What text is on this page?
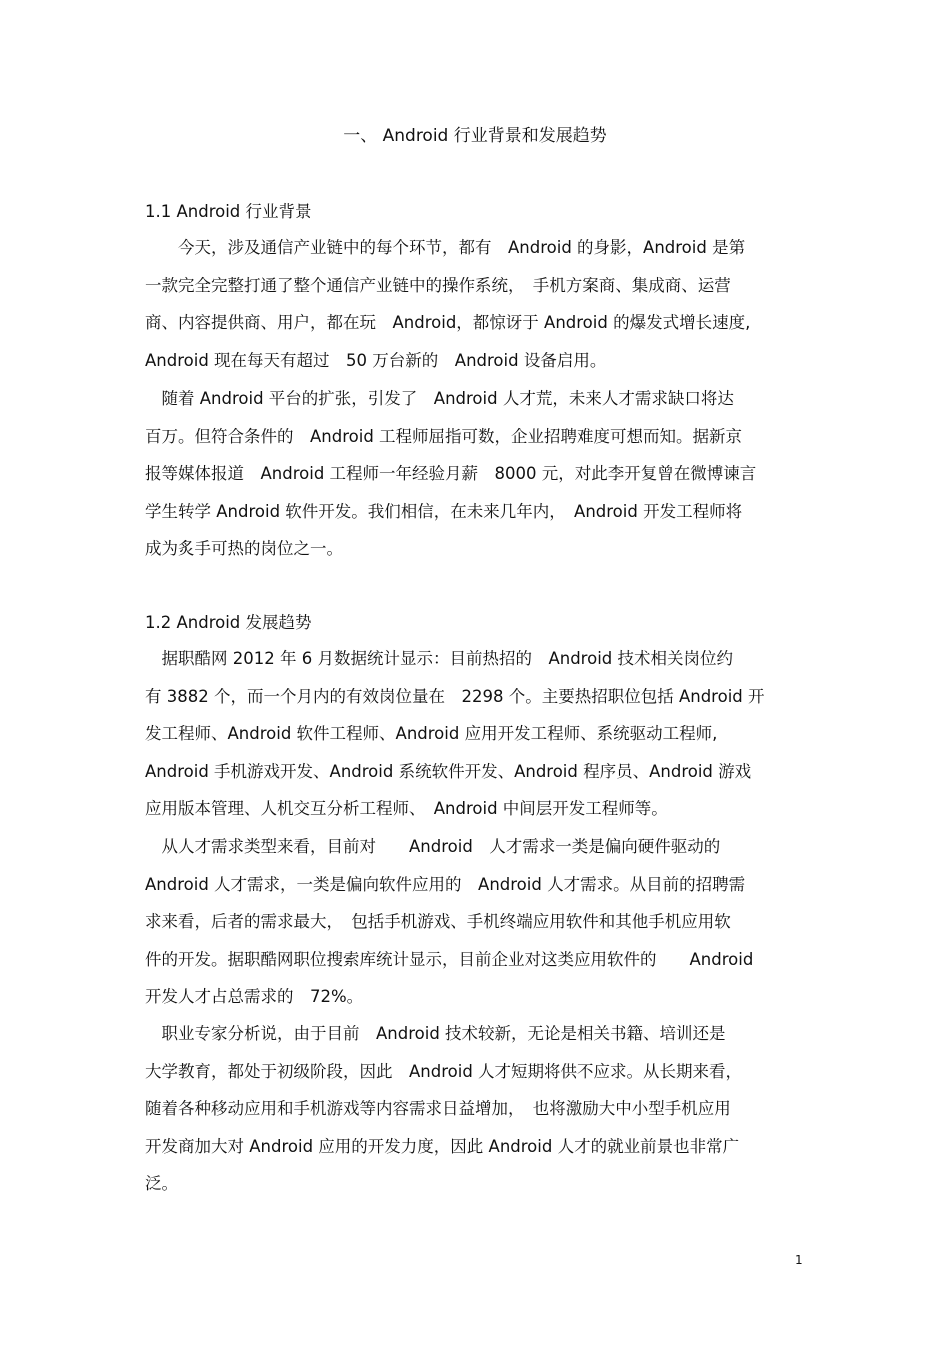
一、 Android 行业背景和发展趋势
1.1 Android 行业背景

　　今天，涉及通信产业链中的每个环节，都有　Android 的身影，Android 是第
一款完全完整打通了整个通信产业链中的操作系统，　手机方案商、集成商、运营
商、内容提供商、用户，都在玩　Android，都惊讶于 Android 的爆发式增长速度,
Android 现在每天有超过　50 万台新的　Android 设备启用。

　随着 Android 平台的扩张，引发了　Android 人才荒，未来人才需求缺口将达
百万。但符合条件的　Android 工程师屈指可数，企业招聘难度可想而知。据新京
报等媒体报道　Android 工程师一年经验月薪　8000 元，对此李开复曾在微博谏言
学生转学 Android 软件开发。我们相信，在未来几年内，　Android 开发工程师将
成为炙手可热的岗位之一。

1.2 Android 发展趋势

　据职酷网 2012 年 6 月数据统计显示：目前热招的　Android 技术相关岗位约
有 3882 个，而一个月内的有效岗位量在　2298 个。主要热招职位包括 Android 开
发工程师、Android 软件工程师、Android 应用开发工程师、系统驱动工程师,
Android 手机游戏开发、Android 系统软件开发、Android 程序员、Android 游戏
应用版本管理、人机交互分析工程师、　Android 中间层开发工程师等。

　从人才需求类型来看，目前对　　Android　人才需求一类是偏向硬件驱动的
Android 人才需求，一类是偏向软件应用的　Android 人才需求。从目前的招聘需
求来看，后者的需求最大，　包括手机游戏、手机终端应用软件和其他手机应用软
件的开发。据职酷网职位搜索库统计显示，目前企业对这类应用软件的　　Android
开发人才占总需求的　72%。

　职业专家分析说，由于目前　Android 技术较新，无论是相关书籍、培训还是
大学教育，都处于初级阶段，因此　Android 人才短期将供不应求。从长期来看，
随着各种移动应用和手机游戏等内容需求日益增加，　也将激励大中小型手机应用
开发商加大对 Android 应用的开发力度，因此 Android 人才的就业前景也非常广
泛。

1
